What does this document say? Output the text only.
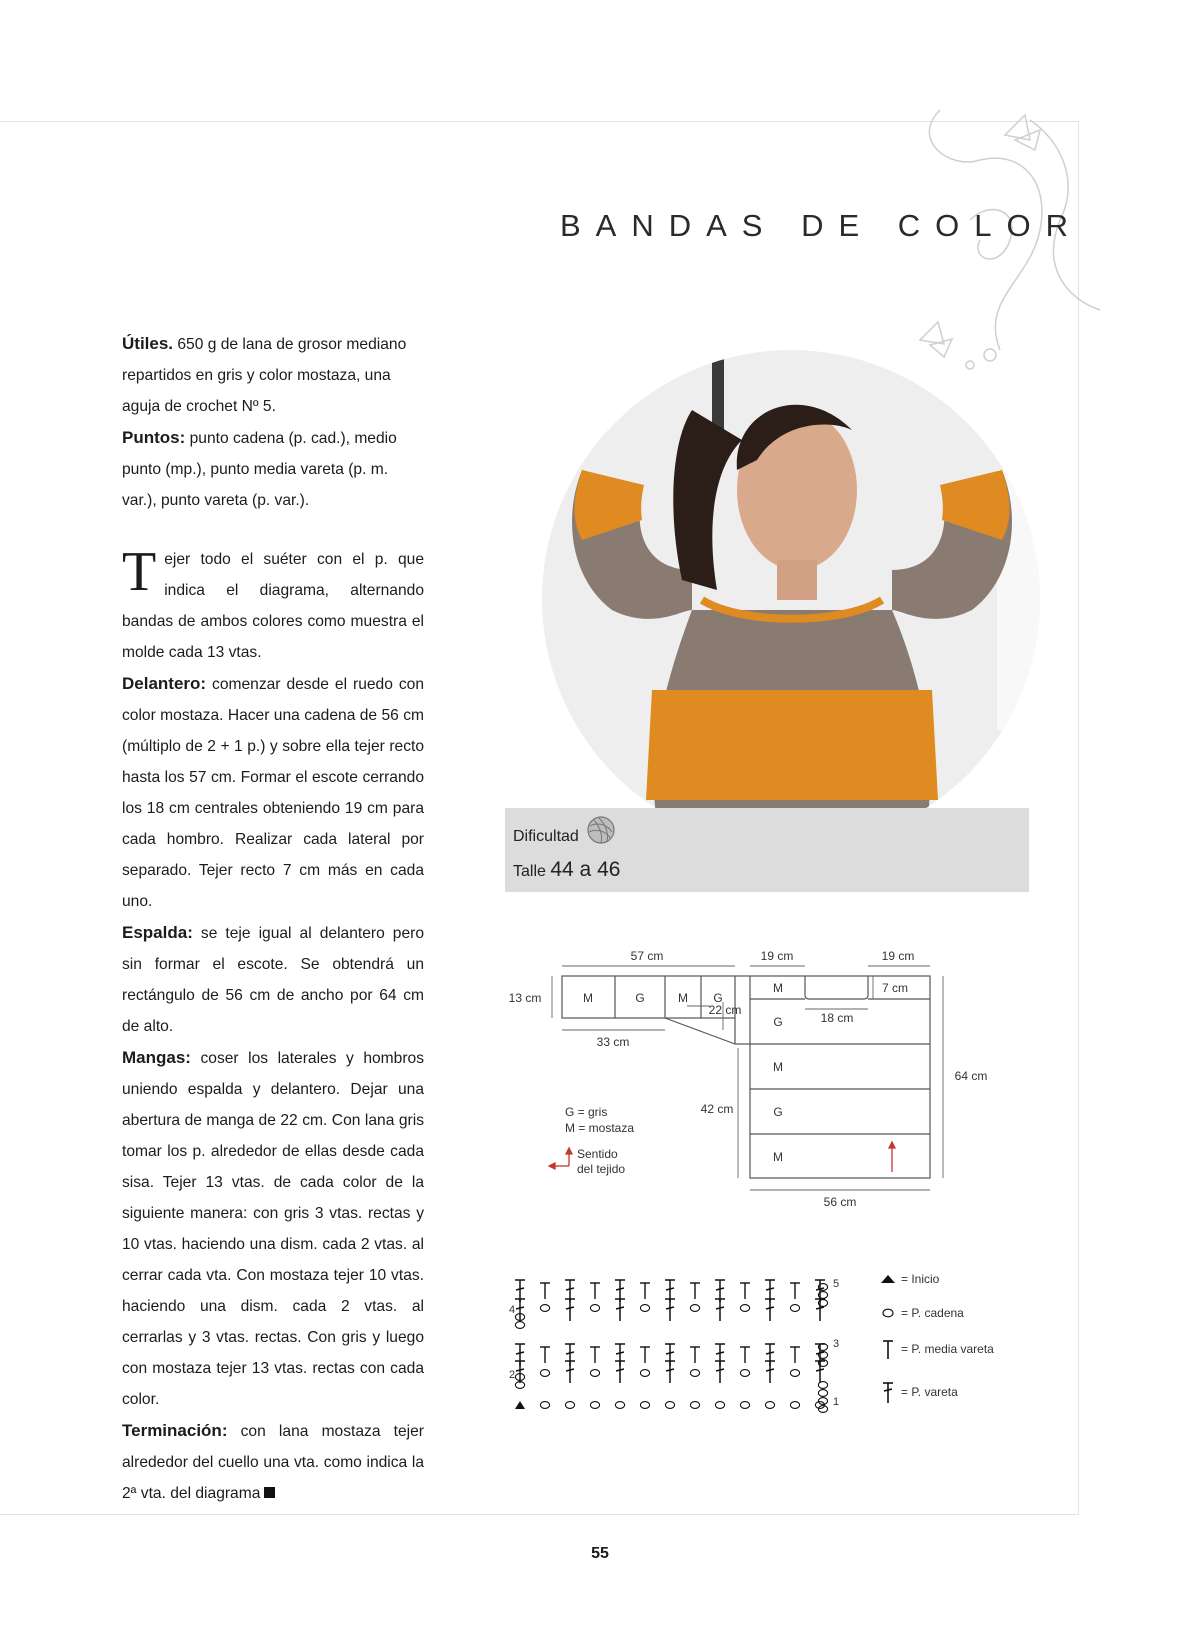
BANDAS DE COLOR
Útiles. 650 g de lana de grosor mediano repartidos en gris y color mostaza, una aguja de crochet Nº 5.
Puntos: punto cadena (p. cad.), medio punto (mp.), punto media vareta (p. m. var.), punto vareta (p. var.).
Tejer todo el suéter con el p. que indica el diagrama, alternando bandas de ambos colores como muestra el molde cada 13 vtas.
Delantero: comenzar desde el ruedo con color mostaza. Hacer una cadena de 56 cm (múltiplo de 2 + 1 p.) y sobre ella tejer recto hasta los 57 cm. Formar el escote cerrando los 18 cm centrales obteniendo 19 cm para cada hombro. Realizar cada lateral por separado. Tejer recto 7 cm más en cada uno.
Espalda: se teje igual al delantero pero sin formar el escote. Se obtendrá un rectángulo de 56 cm de ancho por 64 cm de alto.
Mangas: coser los laterales y hombros uniendo espalda y delantero. Dejar una abertura de manga de 22 cm. Con lana gris tomar los p. alrededor de ellas desde cada sisa. Tejer 13 vtas. de cada color de la siguiente manera: con gris 3 vtas. rectas y 10 vtas. haciendo una dism. cada 2 vtas. al cerrar cada vta. Con mostaza tejer 10 vtas. haciendo una dism. cada 2 vtas. al cerrarlas y 3 vtas. rectas. Con gris y luego con mostaza tejer 13 vtas. rectas con cada color.
Terminación: con lana mostaza tejer alrededor del cuello una vta. como indica la 2ª vta. del diagrama
Dificultad
Talle 44 a 46
57 cm	19 cm	19 cm
13 cm
22 cm
33 cm
7 cm
18 cm
64 cm
42 cm
56 cm
M	G	M G
M
G
M
G
M
G = gris
M = mostaza
Sentido
del tejido
5
4
3
2
1
= Inicio
= P. cadena
= P. media vareta
= P. vareta
55
